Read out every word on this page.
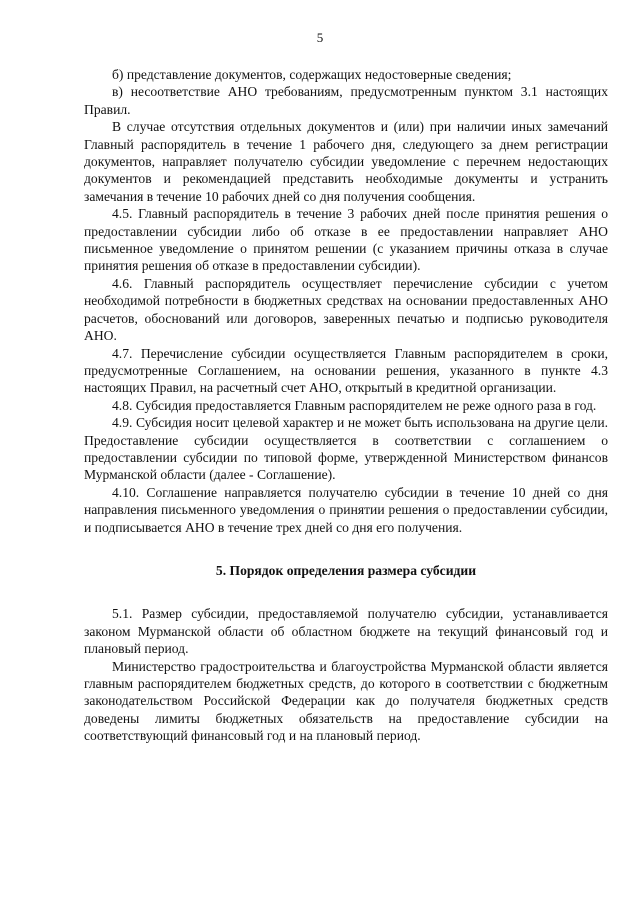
5

б) представление документов, содержащих недостоверные сведения;

в) несоответствие АНО требованиям, предусмотренным пунктом 3.1 настоящих Правил.

В случае отсутствия отдельных документов и (или) при наличии иных замечаний Главный распорядитель в течение 1 рабочего дня, следующего за днем регистрации документов, направляет получателю субсидии уведомление с перечнем недостающих документов и рекомендацией представить необходимые документы и устранить замечания в течение 10 рабочих дней со дня получения сообщения.

4.5. Главный распорядитель в течение 3 рабочих дней после принятия решения о предоставлении субсидии либо об отказе в ее предоставлении направляет АНО письменное уведомление о принятом решении (с указанием причины отказа в случае принятия решения об отказе в предоставлении субсидии).

4.6. Главный распорядитель осуществляет перечисление субсидии с учетом необходимой потребности в бюджетных средствах на основании предоставленных АНО расчетов, обоснований или договоров, заверенных печатью и подписью руководителя АНО.

4.7. Перечисление субсидии осуществляется Главным распорядителем в сроки, предусмотренные Соглашением, на основании решения, указанного в пункте 4.3 настоящих Правил, на расчетный счет АНО, открытый в кредитной организации.

4.8. Субсидия предоставляется Главным распорядителем не реже одного раза в год.

4.9. Субсидия носит целевой характер и не может быть использована на другие цели. Предоставление субсидии осуществляется в соответствии с соглашением о предоставлении субсидии по типовой форме, утвержденной Министерством финансов Мурманской области (далее - Соглашение).

4.10. Соглашение направляется получателю субсидии в течение 10 дней со дня направления письменного уведомления о принятии решения о предоставлении субсидии, и подписывается АНО в течение трех дней со дня его получения.

5. Порядок определения размера субсидии

5.1. Размер субсидии, предоставляемой получателю субсидии, устанавливается законом Мурманской области об областном бюджете на текущий финансовый год и плановый период.

Министерство градостроительства и благоустройства Мурманской области является главным распорядителем бюджетных средств, до которого в соответствии с бюджетным законодательством Российской Федерации как до получателя бюджетных средств доведены лимиты бюджетных обязательств на предоставление субсидии на соответствующий финансовый год и на плановый период.
